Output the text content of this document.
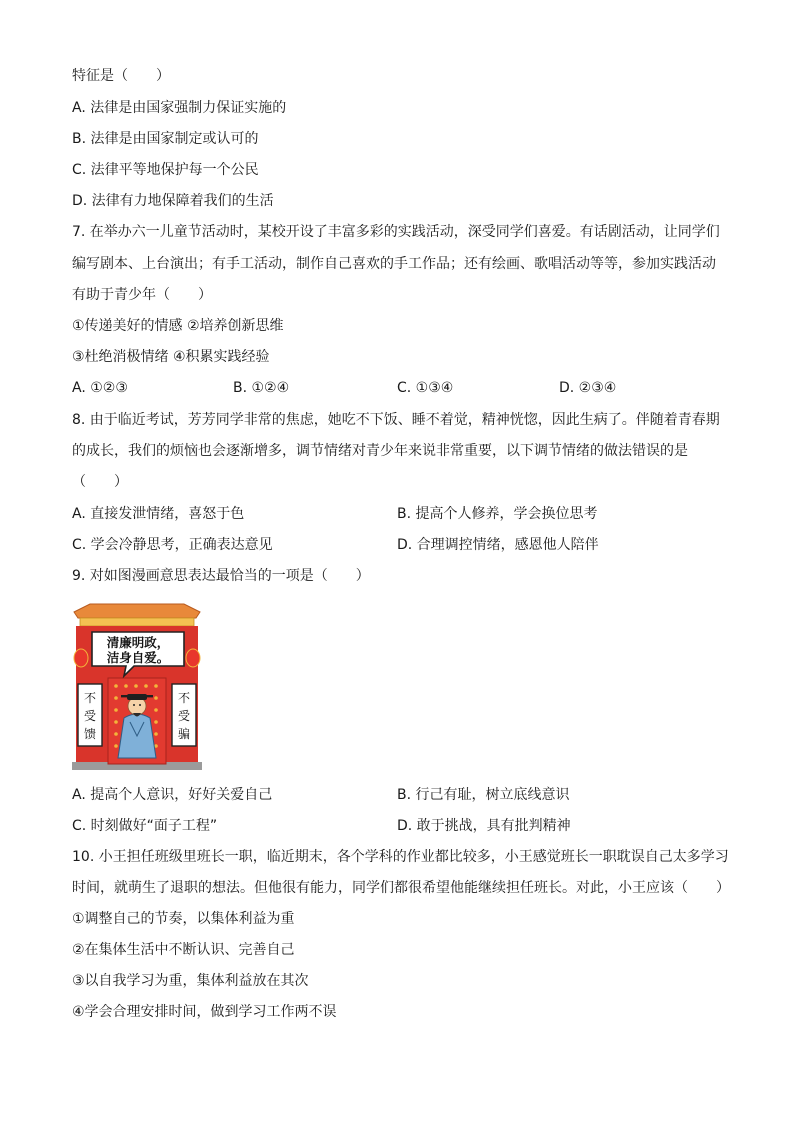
特征是（　　）
A. 法律是由国家强制力保证实施的
B. 法律是由国家制定或认可的
C. 法律平等地保护每一个公民
D. 法律有力地保障着我们的生活
7. 在举办六一儿童节活动时，某校开设了丰富多彩的实践活动，深受同学们喜爱。有话剧活动，让同学们
编写剧本、上台演出；有手工活动，制作自己喜欢的手工作品；还有绘画、歌唱活动等等，参加实践活动
有助于青少年（　　）
①传递美好的情感 ②培养创新思维
③杜绝消极情绪 ④积累实践经验
A. ①②③	B. ①②④	C. ①③④	D. ②③④
8. 由于临近考试，芳芳同学非常的焦虑，她吃不下饭、睡不着觉，精神恍惚，因此生病了。伴随着青春期
的成长，我们的烦恼也会逐渐增多，调节情绪对青少年来说非常重要，以下调节情绪的做法错误的是
（　　）
A. 直接发泄情绪，喜怒于色	B. 提高个人修养，学会换位思考
C. 学会冷静思考，正确表达意见	D. 合理调控情绪，感恩他人陪伴
9. 对如图漫画意思表达最恰当的一项是（　　）
清廉明政，
洁身自爱。
不
受
馈
不
受
骗
A. 提高个人意识，好好关爱自己	B. 行己有耻，树立底线意识
C. 时刻做好“面子工程”	D. 敢于挑战，具有批判精神
10. 小王担任班级里班长一职，临近期末，各个学科的作业都比较多，小王感觉班长一职耽误自己太多学习
时间，就萌生了退职的想法。但他很有能力，同学们都很希望他能继续担任班长。对此，小王应该（　　）
①调整自己的节奏，以集体利益为重
②在集体生活中不断认识、完善自己
③以自我学习为重，集体利益放在其次
④学会合理安排时间，做到学习工作两不误
